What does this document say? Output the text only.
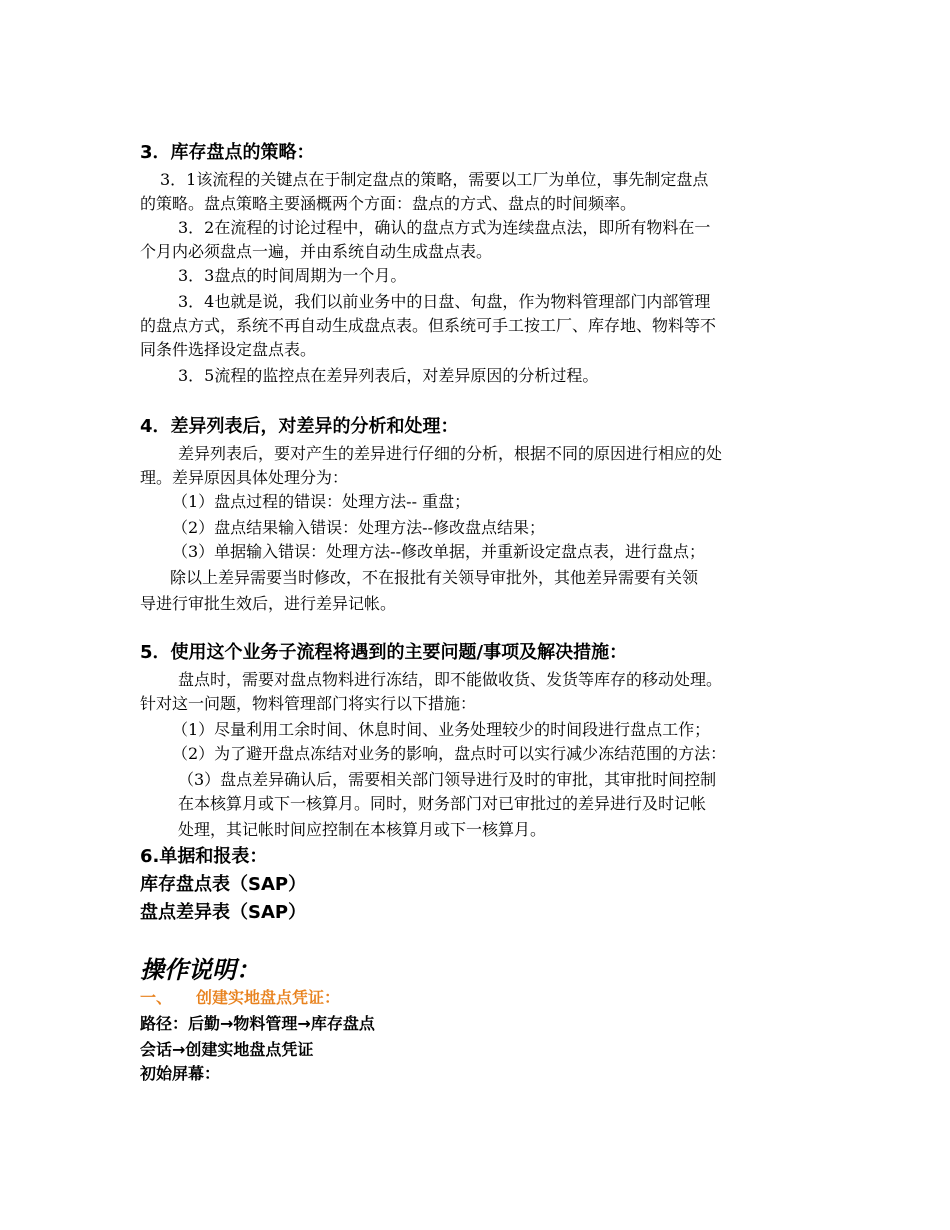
3．库存盘点的策略：
3．1该流程的关键点在于制定盘点的策略，需要以工厂为单位，事先制定盘点
的策略。盘点策略主要涵概两个方面：盘点的方式、盘点的时间频率。
3．2在流程的讨论过程中，确认的盘点方式为连续盘点法，即所有物料在一
个月内必须盘点一遍，并由系统自动生成盘点表。
3．3盘点的时间周期为一个月。
3．4也就是说，我们以前业务中的日盘、旬盘，作为物料管理部门内部管理
的盘点方式，系统不再自动生成盘点表。但系统可手工按工厂、库存地、物料等不
同条件选择设定盘点表。
3．5流程的监控点在差异列表后，对差异原因的分析过程。
4．差异列表后，对差异的分析和处理：
差异列表后，要对产生的差异进行仔细的分析，根据不同的原因进行相应的处
理。差异原因具体处理分为：
（1）盘点过程的错误：处理方法-- 重盘；
（2）盘点结果输入错误：处理方法--修改盘点结果；
（3）单据输入错误：处理方法--修改单据，并重新设定盘点表，进行盘点；
除以上差异需要当时修改，不在报批有关领导审批外，其他差异需要有关领
导进行审批生效后，进行差异记帐。
5．使用这个业务子流程将遇到的主要问题/事项及解决措施：
盘点时，需要对盘点物料进行冻结，即不能做收货、发货等库存的移动处理。
针对这一问题，物料管理部门将实行以下措施：
（1）尽量利用工余时间、休息时间、业务处理较少的时间段进行盘点工作；
（2）为了避开盘点冻结对业务的影响，盘点时可以实行减少冻结范围的方法：
（3）盘点差异确认后，需要相关部门领导进行及时的审批，其审批时间控制
在本核算月或下一核算月。同时，财务部门对已审批过的差异进行及时记帐
处理，其记帐时间应控制在本核算月或下一核算月。
6.单据和报表：
库存盘点表（SAP）
盘点差异表（SAP）
操作说明：
一、 创建实地盘点凭证：
路径：后勤→物料管理→库存盘点
会话→创建实地盘点凭证
初始屏幕：
